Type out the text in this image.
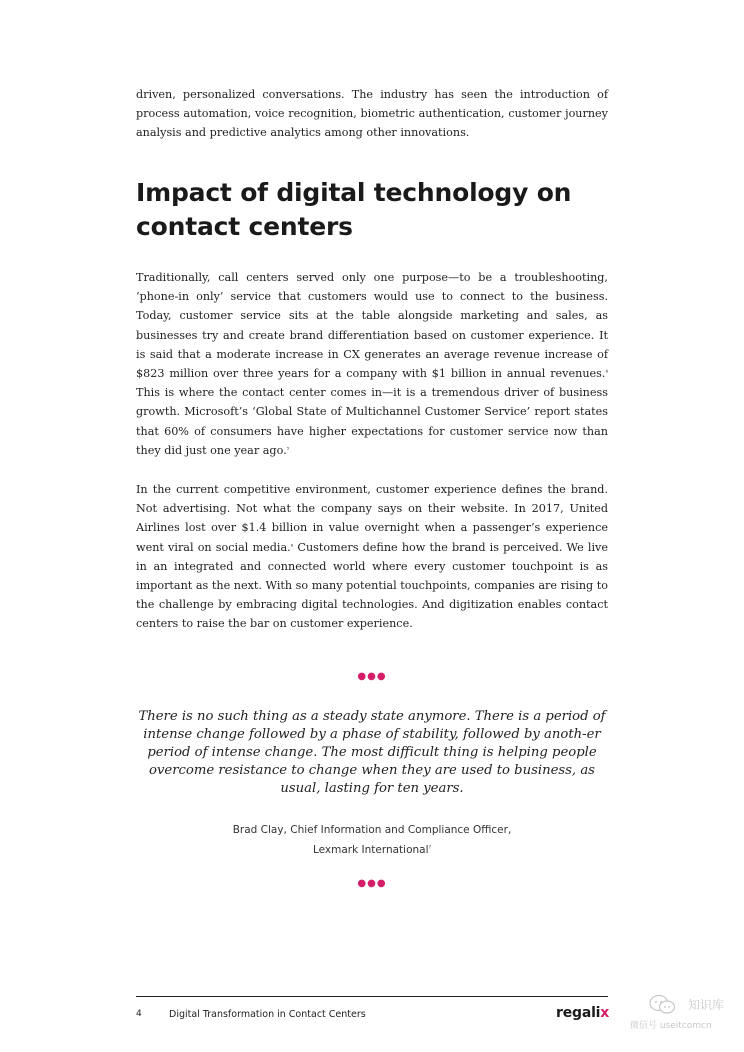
driven, personalized conversations. The industry has seen the introduction of process automation, voice recognition, biometric authentication, customer journey analysis and predictive analytics among other innovations.

Impact of digital technology on contact centers

Traditionally, call centers served only one purpose—to be a troubleshooting, ‘phone-in only’ service that customers would use to connect to the business. Today, customer service sits at the table alongside marketing and sales, as businesses try and create brand differentiation based on customer experience. It is said that a moderate increase in CX generates an average revenue increase of $823 million over three years for a company with $1 billion in annual revenues.$^4$ This is where the contact center comes in—it is a tremendous driver of business growth. Microsoft’s ‘Global State of Multichannel Customer Service’ report states that 60% of consumers have higher expectations for customer service now than they did just one year ago.$^5$

In the current competitive environment, customer experience defines the brand. Not advertising. Not what the company says on their website. In 2017, United Airlines lost over $1.4 billion in value overnight when a passenger’s experience went viral on social media.$^6$ Customers define how the brand is perceived. We live in an integrated and connected world where every customer touchpoint is as important as the next. With so many potential touchpoints, companies are rising to the challenge by embracing digital technologies. And digitization enables contact centers to raise the bar on customer experience.

●●●

There is no such thing as a steady state anymore. There is a period of intense change followed by a phase of stability, followed by anoth-er period of intense change. The most difficult thing is helping people overcome resistance to change when they are used to business, as usual, lasting for ten years.

Brad Clay, Chief Information and Compliance Officer,
Lexmark International$^7$

●●●
4	Digital Transformation in Contact Centers	regalix	知识库
微信号 useitcomcn
